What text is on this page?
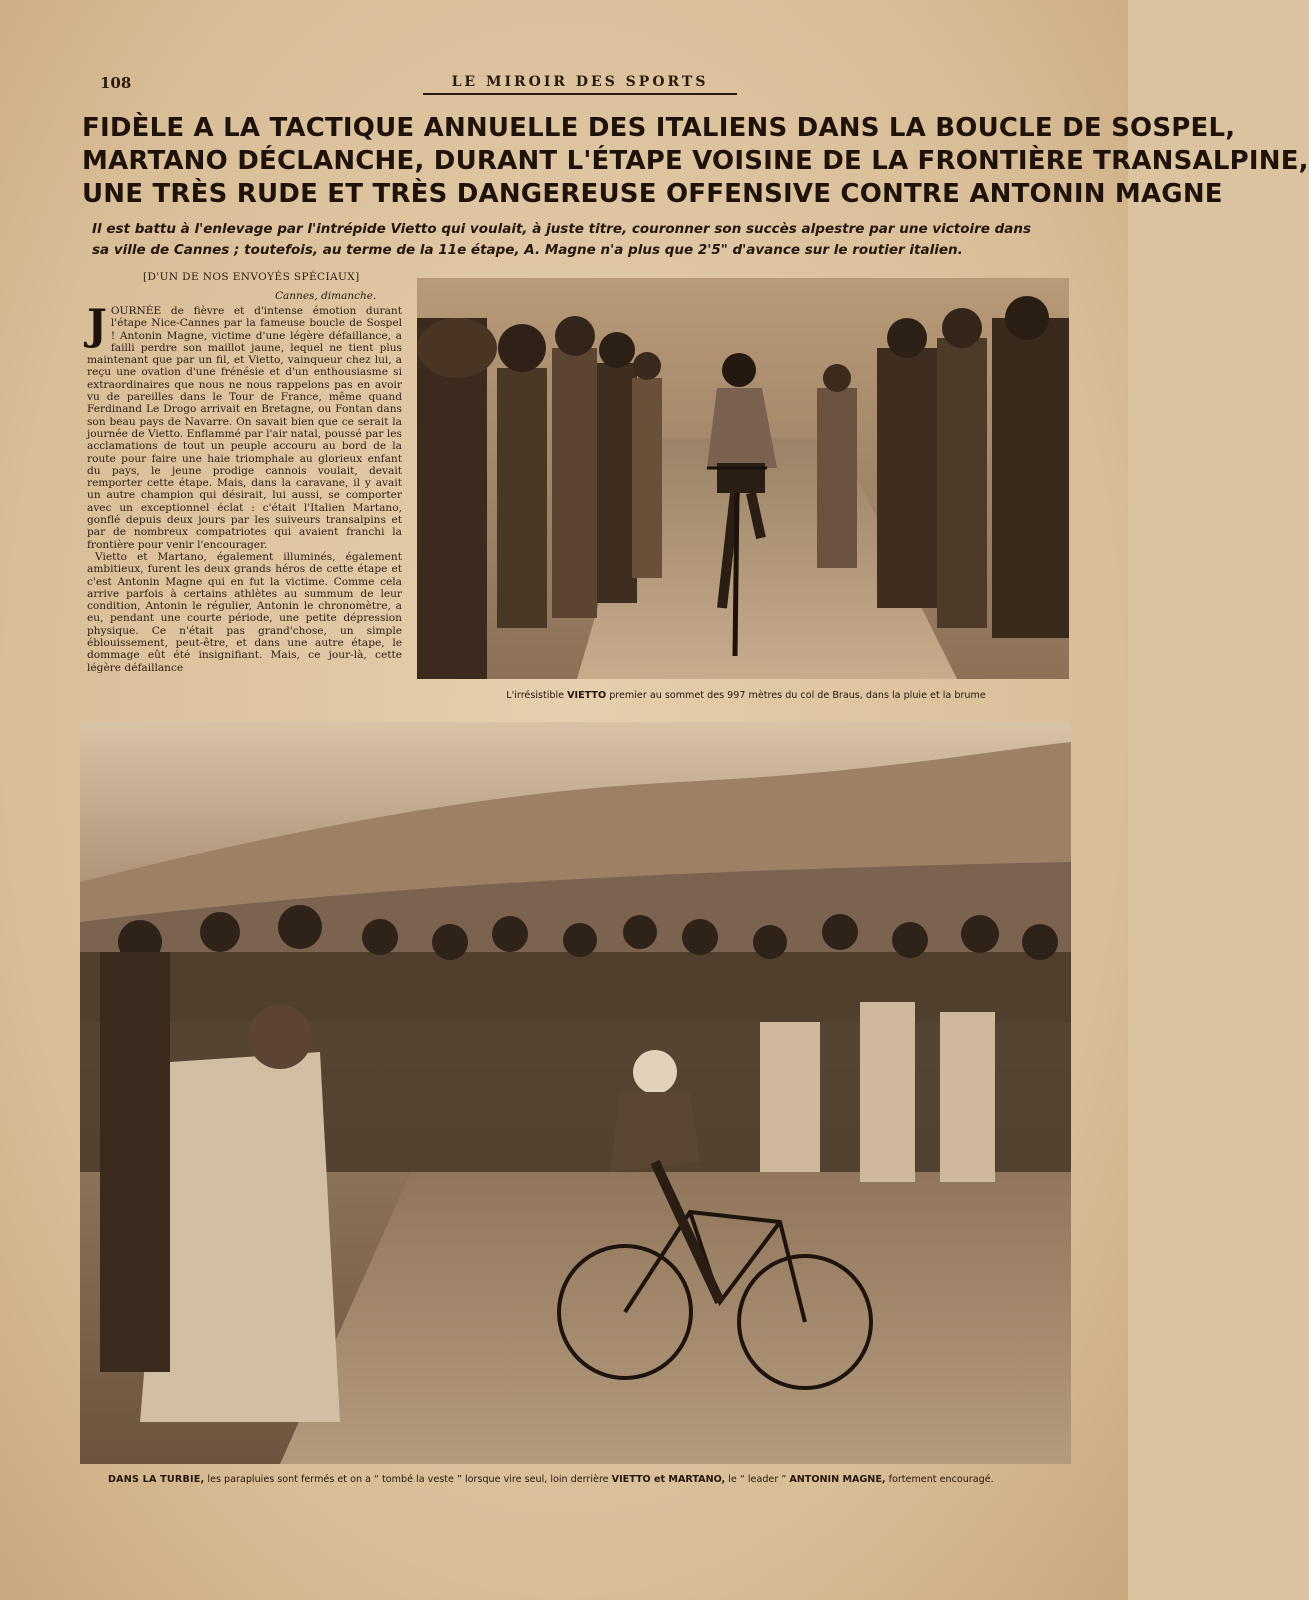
108	LE MIROIR DES SPORTS
FIDÈLE A LA TACTIQUE ANNUELLE DES ITALIENS DANS LA BOUCLE DE SOSPEL,
MARTANO DÉCLANCHE, DURANT L'ÉTAPE VOISINE DE LA FRONTIÈRE TRANSALPINE,
UNE TRÈS RUDE ET TRÈS DANGEREUSE OFFENSIVE CONTRE ANTONIN MAGNE
Il est battu à l'enlevage par l'intrépide Vietto qui voulait, à juste titre, couronner son succès alpestre par une victoire dans sa ville de Cannes ; toutefois, au terme de la 11e étape, A. Magne n'a plus que 2'5" d'avance sur le routier italien.
[D'UN DE NOS ENVOYÉS SPÉCIAUX]
Cannes, dimanche.

JOURNÉE de fièvre et d'intense émotion durant l'étape Nice-Cannes par la fameuse boucle de Sospel ! Antonin Magne, victime d'une légère défaillance, a failli perdre son maillot jaune, lequel ne tient plus maintenant que par un fil, et Vietto, vainqueur chez lui, a reçu une ovation d'une frénésie et d'un enthousiasme si extraordinaires que nous ne nous rappelons pas en avoir vu de pareilles dans le Tour de France, même quand Ferdinand Le Drogo arrivait en Bretagne, ou Fontan dans son beau pays de Navarre. On savait bien que ce serait la journée de Vietto. Enflammé par l'air natal, poussé par les acclamations de tout un peuple accouru au bord de la route pour faire une haie triomphale au glorieux enfant du pays, le jeune prodige cannois voulait, devait remporter cette étape. Mais, dans la caravane, il y avait un autre champion qui désirait, lui aussi, se comporter avec un exceptionnel éclat : c'était l'Italien Martano, gonflé depuis deux jours par les suiveurs transalpins et par de nombreux compatriotes qui avaient franchi la frontière pour venir l'encourager.

Vietto et Martano, également illuminés, également ambitieux, furent les deux grands héros de cette étape et c'est Antonin Magne qui en fut la victime. Comme cela arrive parfois à certains athlètes au summum de leur condition, Antonin le régulier, Antonin le chronomètre, a eu, pendant une courte période, une petite dépression physique. Ce n'était pas grand'chose, un simple éblouissement, peut-être, et dans une autre étape, le dommage eût été insignifiant. Mais, ce jour-là, cette légère défaillance

L'irrésistible VIETTO premier au sommet des 997 mètres du col de Braus, dans la pluie et la brume
DANS LA TURBIE, les parapluies sont fermés et on a “ tombé la veste ” lorsque vire seul, loin derrière VIETTO et MARTANO, le “ leader ” ANTONIN MAGNE, fortement encouragé.
